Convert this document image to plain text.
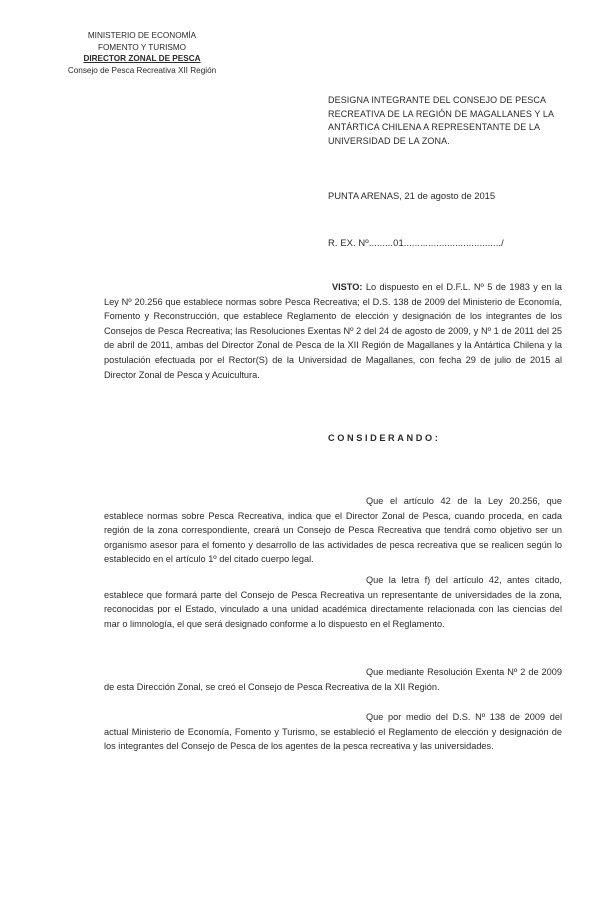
MINISTERIO DE ECONOMÍA
FOMENTO Y TURISMO
DIRECTOR ZONAL DE PESCA
Consejo de Pesca Recreativa XII Región
DESIGNA INTEGRANTE DEL CONSEJO DE PESCA RECREATIVA DE LA REGIÓN DE MAGALLANES Y LA ANTÁRTICA CHILENA A REPRESENTANTE DE LA UNIVERSIDAD DE LA ZONA.
PUNTA ARENAS, 21 de agosto de 2015
R. EX. Nº.........01..................................../
VISTO: Lo dispuesto en el D.F.L. Nº 5 de 1983 y en la Ley Nº 20.256 que establece normas sobre Pesca Recreativa; el D.S. 138 de 2009 del Ministerio de Economía, Fomento y Reconstrucción, que establece Reglamento de elección y designación de los integrantes de los Consejos de Pesca Recreativa; las Resoluciones Exentas Nº 2 del 24 de agosto de 2009, y Nº 1 de 2011 del 25 de abril de 2011, ambas del Director Zonal de Pesca de la XII Región de Magallanes y la Antártica Chilena y la postulación efectuada por el Rector(S) de la Universidad de Magallanes, con fecha 29 de julio de 2015 al Director Zonal de Pesca y Acuicultura.
CONSIDERANDO:
Que el artículo 42 de la Ley 20.256, que establece normas sobre Pesca Recreativa, indica que el Director Zonal de Pesca, cuando proceda, en cada región de la zona correspondiente, creará un Consejo de Pesca Recreativa que tendrá como objetivo ser un organismo asesor para el fomento y desarrollo de las actividades de pesca recreativa que se realicen según lo establecido en el artículo 1º del citado cuerpo legal.
Que la letra f) del artículo 42, antes citado, establece que formará parte del Consejo de Pesca Recreativa un representante de universidades de la zona, reconocidas por el Estado, vinculado a una unidad académica directamente relacionada con las ciencias del mar o limnología, el que será designado conforme a lo dispuesto en el Reglamento.
Que mediante Resolución Exenta Nº 2 de 2009 de esta Dirección Zonal, se creó el Consejo de Pesca Recreativa de la XII Región.
Que por medio del D.S. Nº 138 de 2009 del actual Ministerio de Economía, Fomento y Turismo, se estableció el Reglamento de elección y designación de los integrantes del Consejo de Pesca de los agentes de la pesca recreativa y las universidades.
